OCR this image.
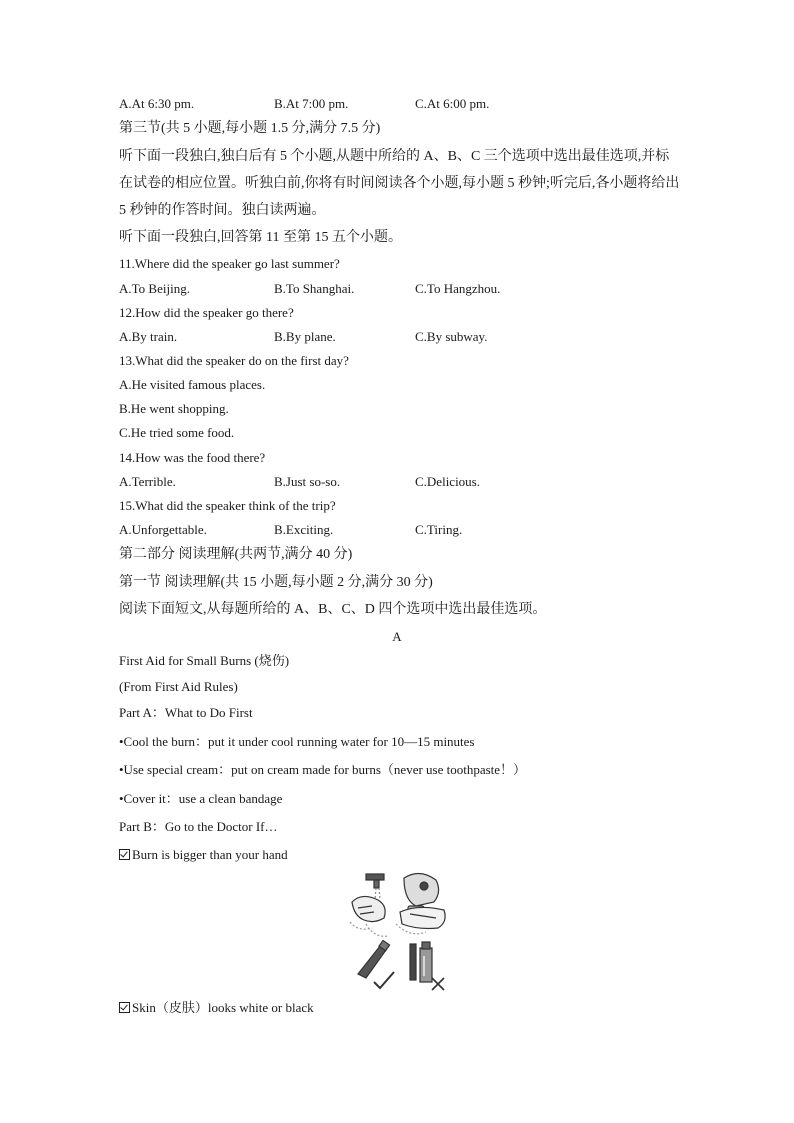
A.At 6:30 pm.	B.At 7:00 pm.	C.At 6:00 pm.
第三节(共 5 小题,每小题 1.5 分,满分 7.5 分)
听下面一段独白,独白后有 5 个小题,从题中所给的 A、B、C 三个选项中选出最佳选项,并标
在试卷的相应位置。听独白前,你将有时间阅读各个小题,每小题 5 秒钟;听完后,各小题将给出
5 秒钟的作答时间。独白读两遍。
听下面一段独白,回答第 11 至第 15 五个小题。
11.Where did the speaker go last summer?
A.To Beijing.	B.To Shanghai.	C.To Hangzhou.
12.How did the speaker go there?
A.By train.	B.By plane.	C.By subway.
13.What did the speaker do on the first day?
A.He visited famous places.
B.He went shopping.
C.He tried some food.
14.How was the food there?
A.Terrible.	B.Just so-so.	C.Delicious.
15.What did the speaker think of the trip?
A.Unforgettable.	B.Exciting.	C.Tiring.
第二部分 阅读理解(共两节,满分 40 分)
第一节 阅读理解(共 15 小题,每小题 2 分,满分 30 分)
阅读下面短文,从每题所给的 A、B、C、D 四个选项中选出最佳选项。
A
First Aid for Small Burns (烧伤)
(From First Aid Rules)
Part A：What to Do First
•Cool the burn：put it under cool running water for 10—15 minutes
•Use special cream：put on cream made for burns（never use toothpaste！）
•Cover it：use a clean bandage
Part B：Go to the Doctor If…
Burn is bigger than your hand
Skin（皮肤）looks white or black
